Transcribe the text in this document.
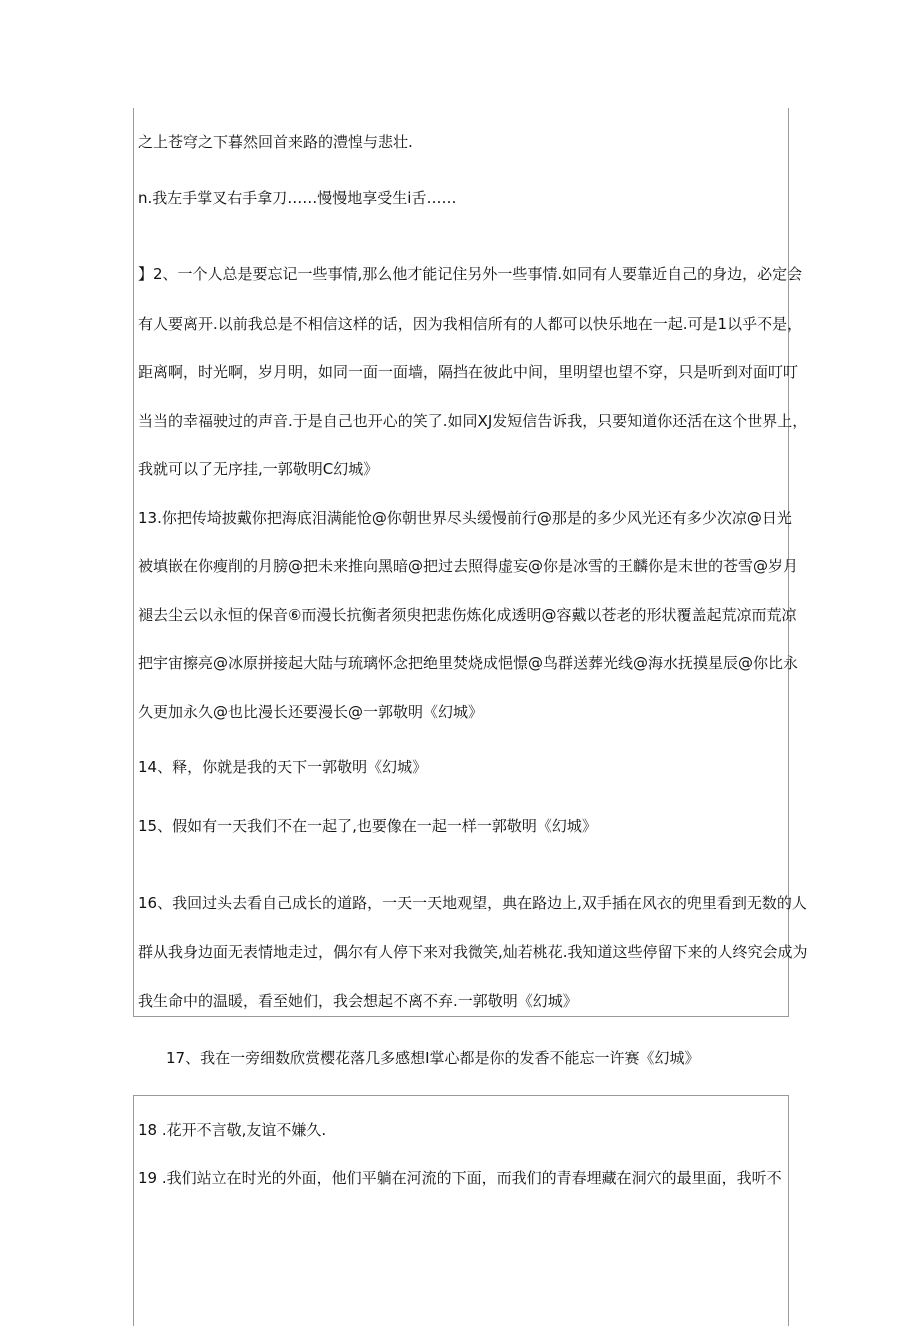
之上苍穹之下暮然回首来路的澧惶与悲壮.
n.我左手掌叉右手拿刀……慢慢地享受生i舌……
】2、一个人总是要忘记一些事情,那么他才能记住另外一些事情.如同有人要靠近自己的身边，必定会
有人要离开.以前我总是不相信这样的话，因为我相信所有的人都可以快乐地在一起.可是1以乎不是，
距离啊，时光啊，岁月明，如同一面一面墙，隔挡在彼此中间，里明望也望不穿，只是听到对面叮叮
当当的幸福驶过的声音.于是自己也开心的笑了.如同XJ发短信告诉我，只要知道你还活在这个世界上，
我就可以了无序挂,一郭敬明C幻城》
13.你把传埼披戴你把海底泪满能怆@你朝世界尽头缓慢前行@那是的多少风光还有多少次凉@日光
被填嵌在你瘦削的月膀@把未来推向黑暗@把过去照得虚妄@你是冰雪的王麟你是末世的苍雪@岁月
褪去尘云以永恒的保音⑥而漫长抗衡者须臾把悲伤炼化成透明@容戴以苍老的形状覆盖起荒凉而荒凉
把宇宙擦亮@冰原拼接起大陆与琉璃怀念把绝里焚烧成悒憬@鸟群送葬光线@海水抚摸星辰@你比永
久更加永久@也比漫长还要漫长@一郭敬明《幻城》
14、释，你就是我的天下一郭敬明《幻城》
15、假如有一天我们不在一起了,也要像在一起一样一郭敬明《幻城》
16、我回过头去看自己成长的道路，一天一天地观望，典在路边上,双手插在风衣的兜里看到无数的人
群从我身边面无表情地走过，偶尔有人停下来对我微笑,灿若桃花.我知道这些停留下来的人终究会成为
我生命中的温暖，看至她们，我会想起不离不弃.一郭敬明《幻城》
17、我在一旁细数欣赏樱花落几多感想I掌心都是你的发香不能忘一许赛《幻城》
18 .花开不言敬,友谊不嫌久.
19 .我们站立在时光的外面，他们平躺在河流的下面，而我们的青春埋藏在洞穴的最里面，我听不
